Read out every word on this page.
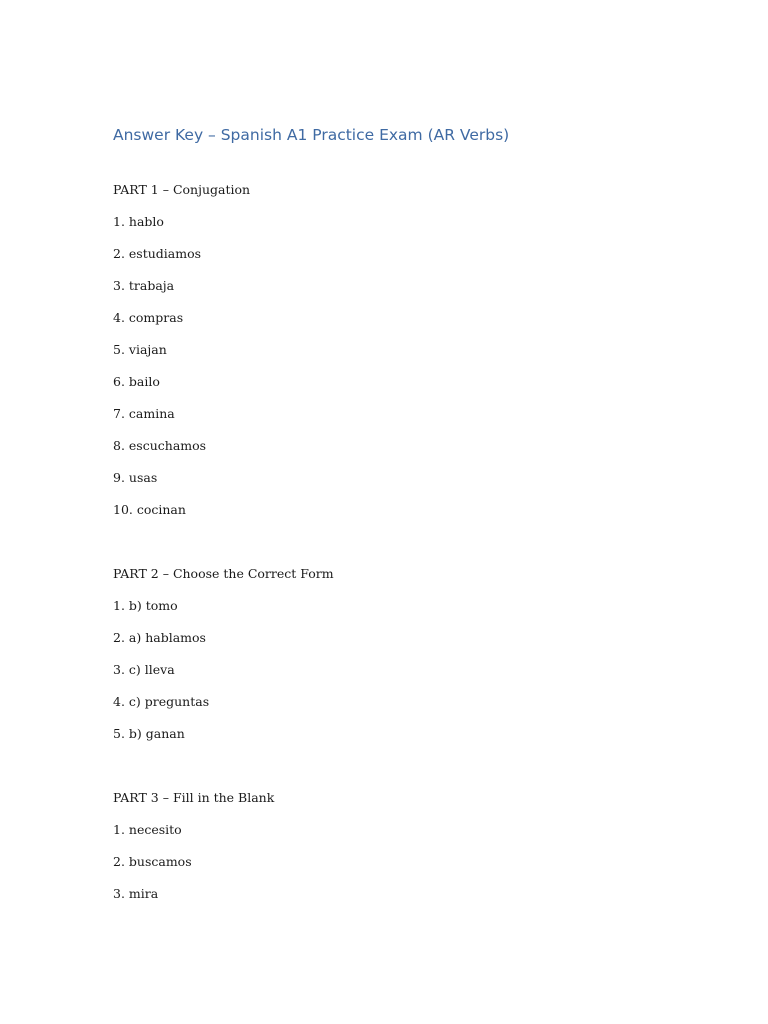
Answer Key – Spanish A1 Practice Exam (AR Verbs)

PART 1 – Conjugation

1. hablo

2. estudiamos

3. trabaja

4. compras

5. viajan

6. bailo

7. camina

8. escuchamos

9. usas

10. cocinan

PART 2 – Choose the Correct Form

1. b) tomo

2. a) hablamos

3. c) lleva

4. c) preguntas

5. b) ganan

PART 3 – Fill in the Blank

1. necesito

2. buscamos

3. mira
